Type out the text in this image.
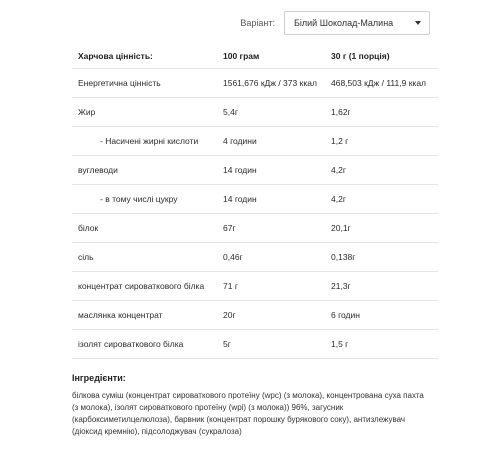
Варіант: Білий Шоколад-Малина
Харчова цінність:	100 грам	30 г (1 порція)
Енергетична цінність	1561,676 кДж / 373 ккал	468,503 кДж / 111,9 ккал
Жир	5,4г	1,62г
- Насичені жирні кислоти	4 години	1,2 г
вуглеводи	14 годин	4,2г
- в тому числі цукру	14 годин	4,2г
білок	67г	20,1г
сіль	0,46г	0,138г
концентрат сироваткового білка	71 г	21,3г
маслянка концентрат	20г	6 годин
ізолят сироваткового білка	5г	1,5 г
Інгредієнти:
білкова суміш (концентрат сироваткового протеїну (wpc) (з молока), концентрована суха пахта (з молока), ізолят сироваткового протеїну (wpi) (з молока)) 96%, загусник (карбоксиметилцелюлоза), барвник (концентрат порошку бурякового соку), антизлежувач (діоксид кремнію), підсолоджувач (сукралоза)
